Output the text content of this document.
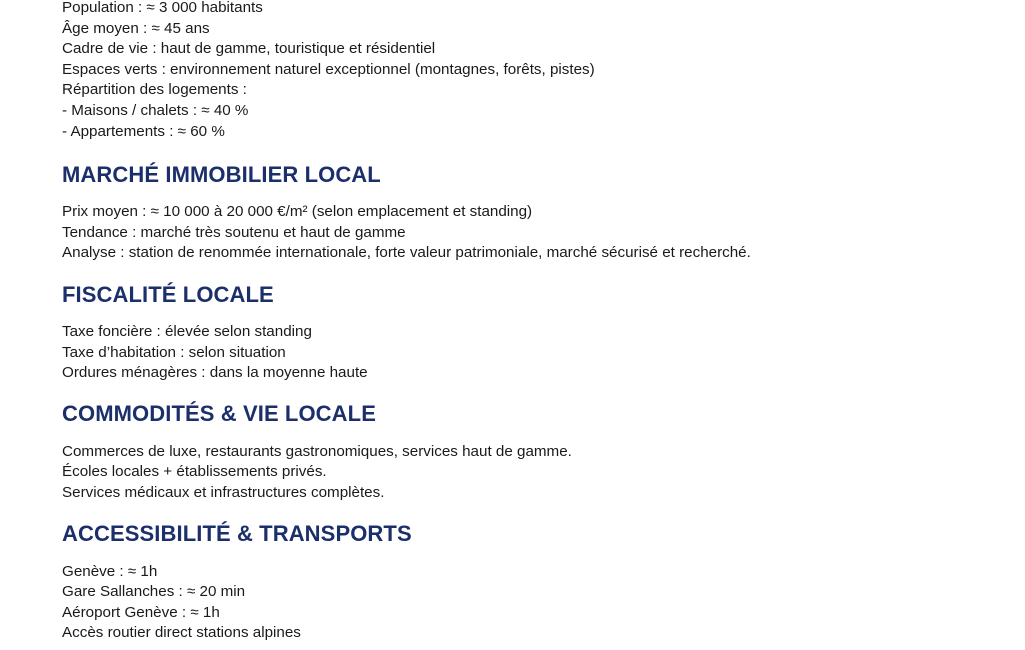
Population : ≈ 3 000 habitants

Âge moyen : ≈ 45 ans

Cadre de vie : haut de gamme, touristique et résidentiel

Espaces verts : environnement naturel exceptionnel (montagnes, forêts, pistes)

Répartition des logements :

- Maisons / chalets : ≈ 40 %

- Appartements : ≈ 60 %

MARCHÉ IMMOBILIER LOCAL

Prix moyen : ≈ 10 000 à 20 000 €/m² (selon emplacement et standing)

Tendance : marché très soutenu et haut de gamme

Analyse : station de renommée internationale, forte valeur patrimoniale, marché sécurisé et recherché.

FISCALITÉ LOCALE

Taxe foncière : élevée selon standing

Taxe d’habitation : selon situation

Ordures ménagères : dans la moyenne haute

COMMODITÉS & VIE LOCALE

Commerces de luxe, restaurants gastronomiques, services haut de gamme.

Écoles locales + établissements privés.

Services médicaux et infrastructures complètes.

ACCESSIBILITÉ & TRANSPORTS

Genève : ≈ 1h

Gare Sallanches : ≈ 20 min

Aéroport Genève : ≈ 1h

Accès routier direct stations alpines
